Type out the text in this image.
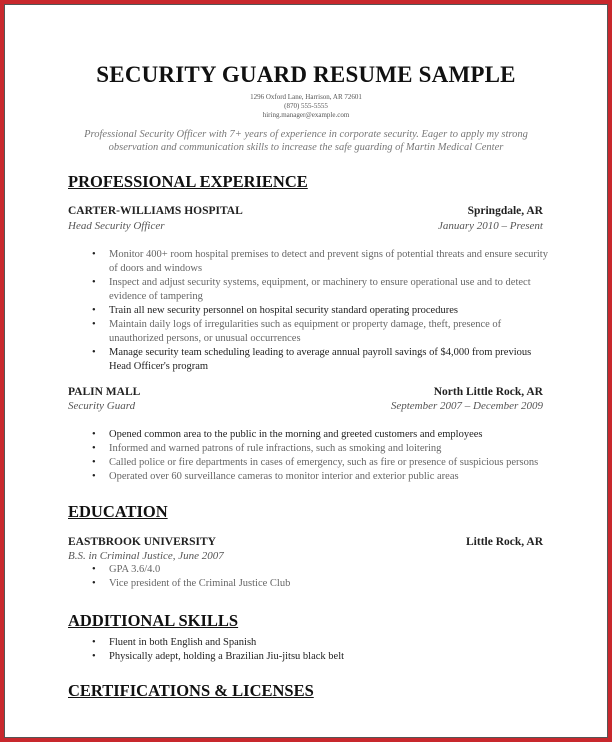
SECURITY GUARD RESUME SAMPLE
1296 Oxford Lane, Harrison, AR 72601
(870) 555-5555
hiring.manager@example.com
Professional Security Officer with 7+ years of experience in corporate security. Eager to apply my strong
observation and communication skills to increase the safe guarding of Martin Medical Center
PROFESSIONAL EXPERIENCE
CARTER-WILLIAMS HOSPITAL	Springdale, AR
Head Security Officer	January 2010 – Present
• Monitor 400+ room hospital premises to detect and prevent signs of potential threats and ensure security of doors and windows
• Inspect and adjust security systems, equipment, or machinery to ensure operational use and to detect evidence of tampering
• Train all new security personnel on hospital security standard operating procedures
• Maintain daily logs of irregularities such as equipment or property damage, theft, presence of unauthorized persons, or unusual occurrences
• Manage security team scheduling leading to average annual payroll savings of $4,000 from previous Head Officer's program
PALIN MALL	North Little Rock, AR
Security Guard	September 2007 – December 2009
• Opened common area to the public in the morning and greeted customers and employees
• Informed and warned patrons of rule infractions, such as smoking and loitering
• Called police or fire departments in cases of emergency, such as fire or presence of suspicious persons
• Operated over 60 surveillance cameras to monitor interior and exterior public areas
EDUCATION
EASTBROOK UNIVERSITY	Little Rock, AR
B.S. in Criminal Justice, June 2007
• GPA 3.6/4.0
• Vice president of the Criminal Justice Club
ADDITIONAL SKILLS
• Fluent in both English and Spanish
• Physically adept, holding a Brazilian Jiu-jitsu black belt
CERTIFICATIONS & LICENSES
